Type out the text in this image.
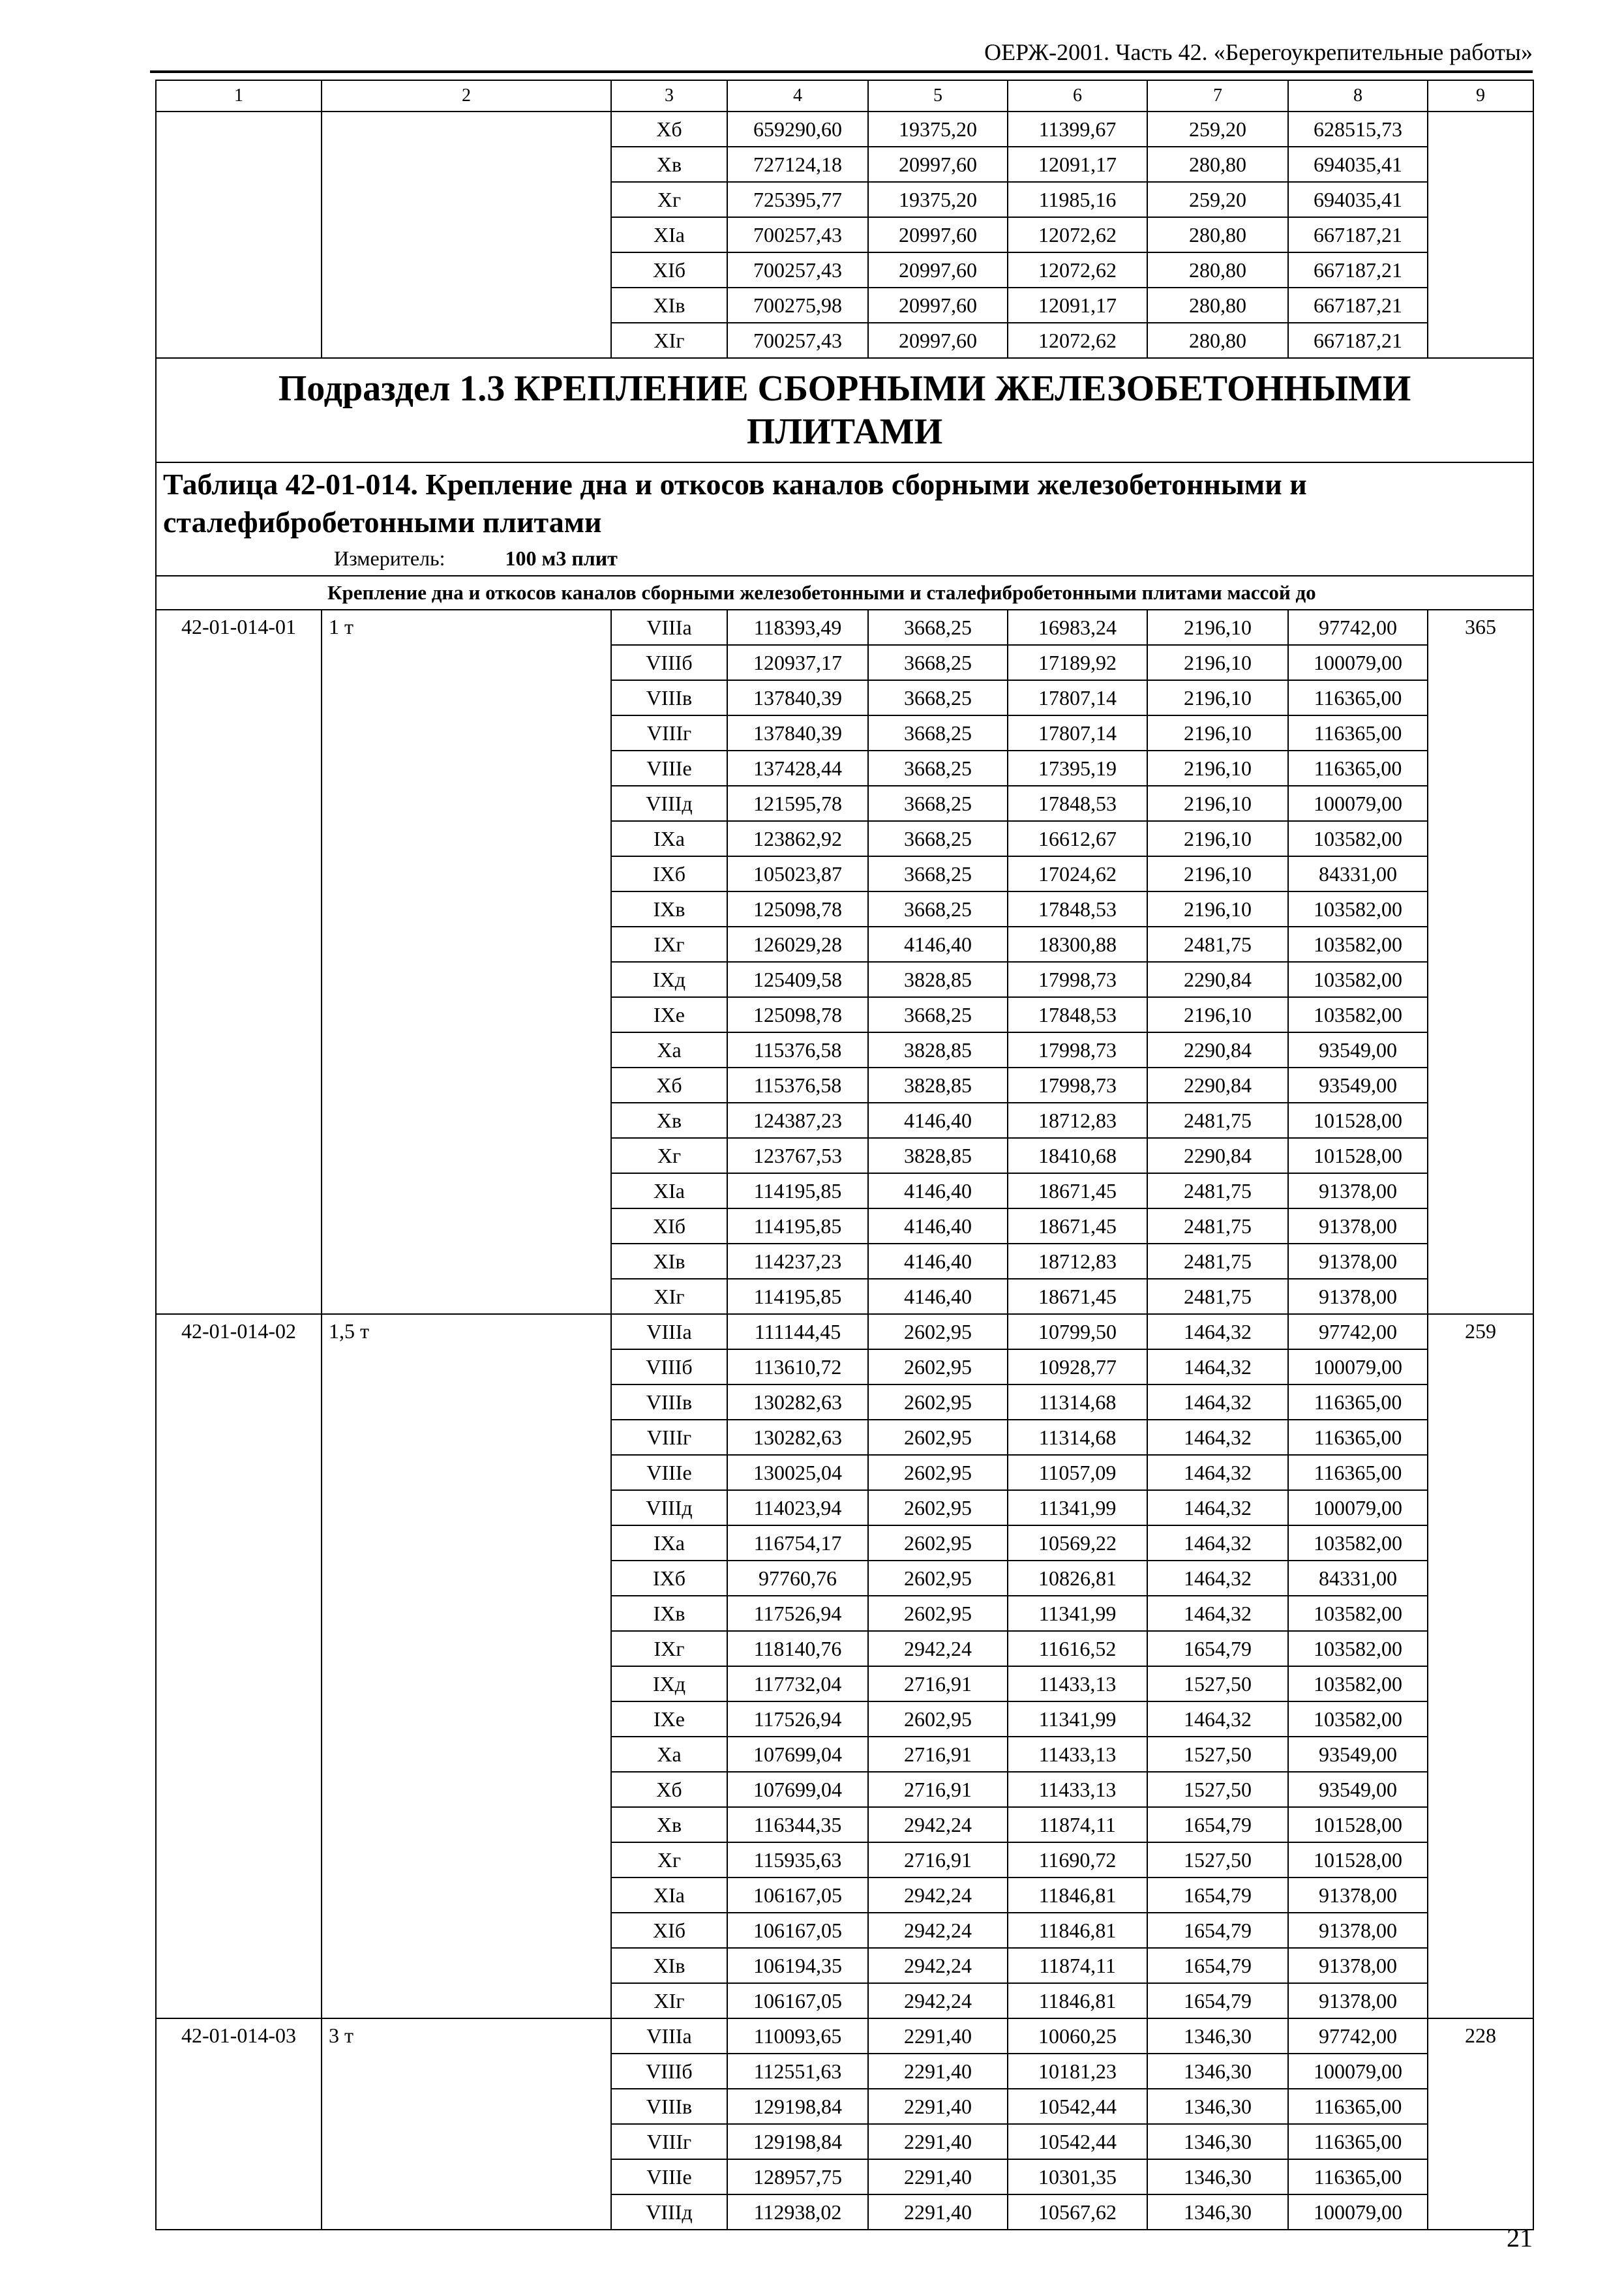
ОЕРЖ-2001. Часть 42. «Берегоукрепительные работы»
1	2	3	4	5	6	7	8	9
		Хб	659290,60	19375,20	11399,67	259,20	628515,73	
		Хв	727124,18	20997,60	12091,17	280,80	694035,41	
		Хг	725395,77	19375,20	11985,16	259,20	694035,41	
		ХIа	700257,43	20997,60	12072,62	280,80	667187,21	
		ХIб	700257,43	20997,60	12072,62	280,80	667187,21	
		ХIв	700275,98	20997,60	12091,17	280,80	667187,21	
		ХIг	700257,43	20997,60	12072,62	280,80	667187,21	
Подраздел 1.3 КРЕПЛЕНИЕ СБОРНЫМИ ЖЕЛЕЗОБЕТОННЫМИ ПЛИТАМИ								

Таблица 42-01-014. Крепление дна и откосов каналов сборными железобетонными и сталефибробетонными плитами
Измеритель: 100 м3 плит								

Крепление дна и откосов каналов сборными железобетонными и сталефибробетонными плитами массой до								
42-01-014-01	1 т	VIIIа	118393,49	3668,25	16983,24	2196,10	97742,00	365
		VIIIб	120937,17	3668,25	17189,92	2196,10	100079,00	
		VIIIв	137840,39	3668,25	17807,14	2196,10	116365,00	
		VIIIг	137840,39	3668,25	17807,14	2196,10	116365,00	
		VIIIе	137428,44	3668,25	17395,19	2196,10	116365,00	
		VIIIд	121595,78	3668,25	17848,53	2196,10	100079,00	
		IХа	123862,92	3668,25	16612,67	2196,10	103582,00	
		IХб	105023,87	3668,25	17024,62	2196,10	84331,00	
		IХв	125098,78	3668,25	17848,53	2196,10	103582,00	
		IХг	126029,28	4146,40	18300,88	2481,75	103582,00	
		IХд	125409,58	3828,85	17998,73	2290,84	103582,00	
		IХе	125098,78	3668,25	17848,53	2196,10	103582,00	
		Ха	115376,58	3828,85	17998,73	2290,84	93549,00	
		Хб	115376,58	3828,85	17998,73	2290,84	93549,00	
		Хв	124387,23	4146,40	18712,83	2481,75	101528,00	
		Хг	123767,53	3828,85	18410,68	2290,84	101528,00	
		ХIа	114195,85	4146,40	18671,45	2481,75	91378,00	
		ХIб	114195,85	4146,40	18671,45	2481,75	91378,00	
		ХIв	114237,23	4146,40	18712,83	2481,75	91378,00	
		ХIг	114195,85	4146,40	18671,45	2481,75	91378,00	
42-01-014-02	1,5 т	VIIIа	111144,45	2602,95	10799,50	1464,32	97742,00	259
		VIIIб	113610,72	2602,95	10928,77	1464,32	100079,00	
		VIIIв	130282,63	2602,95	11314,68	1464,32	116365,00	
		VIIIг	130282,63	2602,95	11314,68	1464,32	116365,00	
		VIIIе	130025,04	2602,95	11057,09	1464,32	116365,00	
		VIIIд	114023,94	2602,95	11341,99	1464,32	100079,00	
		IХа	116754,17	2602,95	10569,22	1464,32	103582,00	
		IХб	97760,76	2602,95	10826,81	1464,32	84331,00	
		IХв	117526,94	2602,95	11341,99	1464,32	103582,00	
		IХг	118140,76	2942,24	11616,52	1654,79	103582,00	
		IХд	117732,04	2716,91	11433,13	1527,50	103582,00	
		IХе	117526,94	2602,95	11341,99	1464,32	103582,00	
		Ха	107699,04	2716,91	11433,13	1527,50	93549,00	
		Хб	107699,04	2716,91	11433,13	1527,50	93549,00	
		Хв	116344,35	2942,24	11874,11	1654,79	101528,00	
		Хг	115935,63	2716,91	11690,72	1527,50	101528,00	
		ХIа	106167,05	2942,24	11846,81	1654,79	91378,00	
		ХIб	106167,05	2942,24	11846,81	1654,79	91378,00	
		ХIв	106194,35	2942,24	11874,11	1654,79	91378,00	
		ХIг	106167,05	2942,24	11846,81	1654,79	91378,00	
42-01-014-03	3 т	VIIIа	110093,65	2291,40	10060,25	1346,30	97742,00	228
		VIIIб	112551,63	2291,40	10181,23	1346,30	100079,00	
		VIIIв	129198,84	2291,40	10542,44	1346,30	116365,00	
		VIIIг	129198,84	2291,40	10542,44	1346,30	116365,00	
		VIIIе	128957,75	2291,40	10301,35	1346,30	116365,00	
		VIIIд	112938,02	2291,40	10567,62	1346,30	100079,00	
21
